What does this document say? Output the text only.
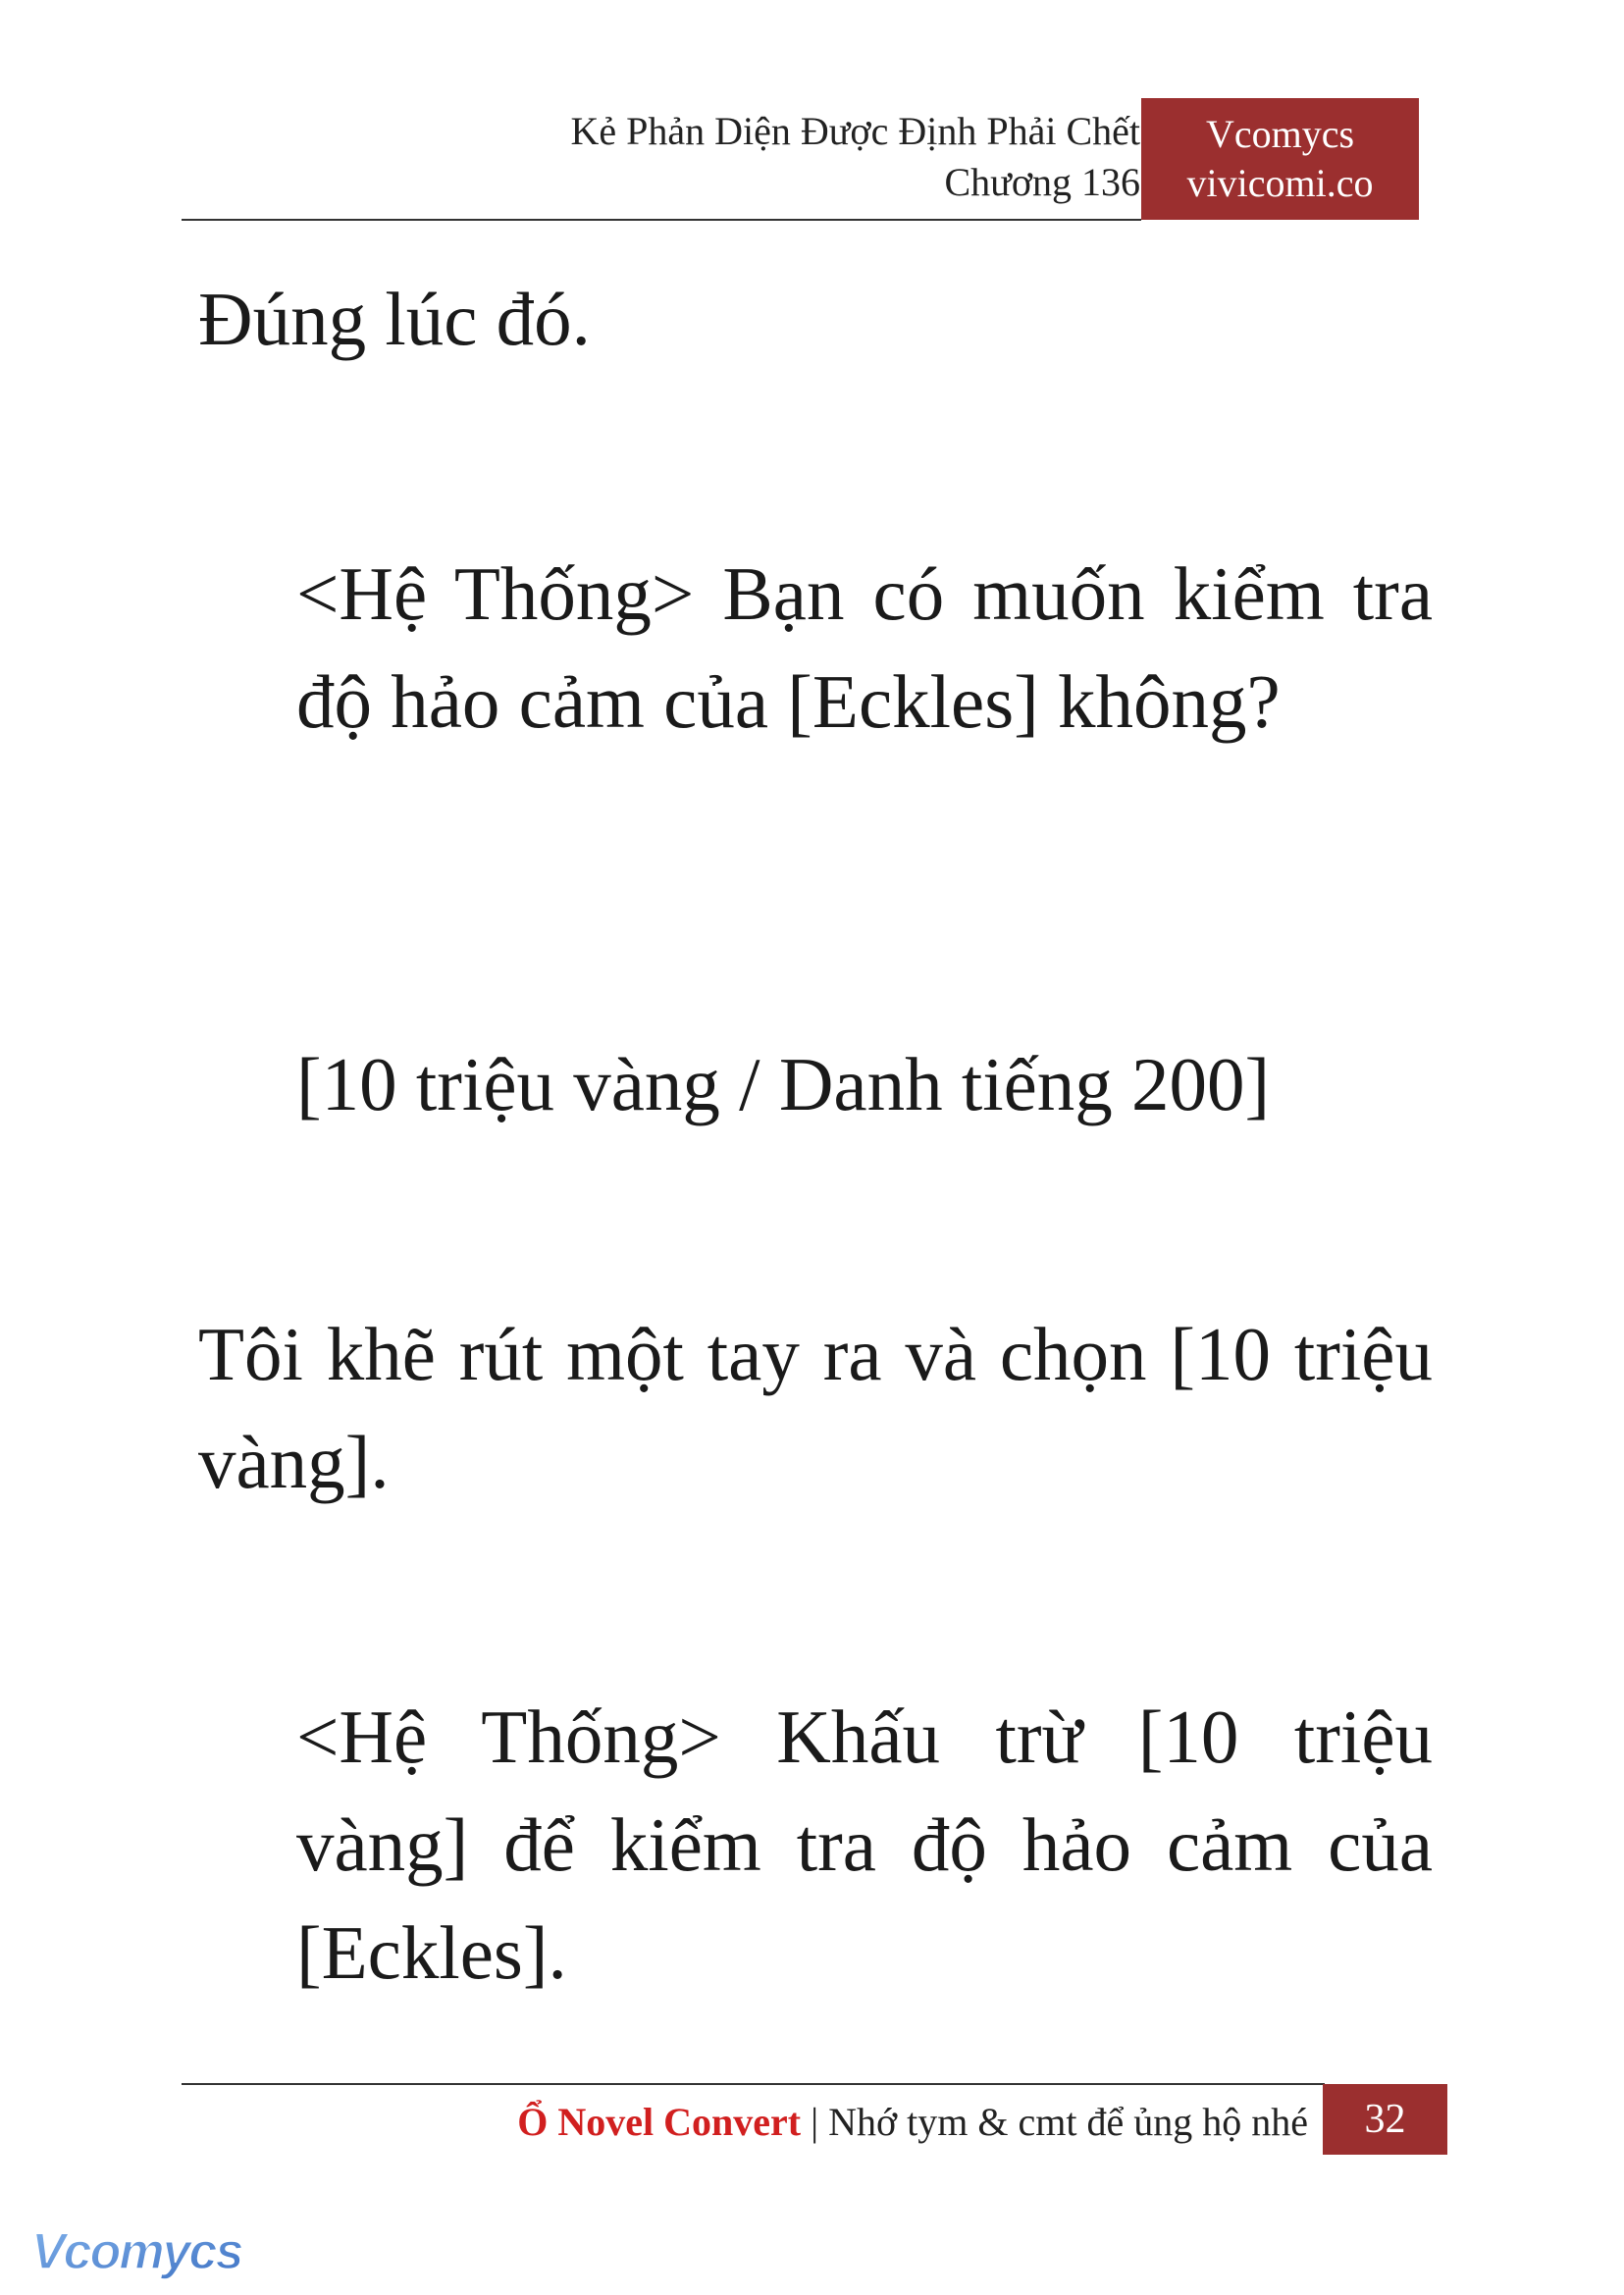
Kẻ Phản Diện Được Định Phải Chết
Chương 136
Vcomycs
vivicomi.co

Đúng lúc đó.

<Hệ Thống> Bạn có muốn kiểm tra độ hảo cảm của [Eckles] không?

[10 triệu vàng / Danh tiếng 200]

Tôi khẽ rút một tay ra và chọn [10 triệu vàng].

<Hệ Thống> Khấu trừ [10 triệu vàng] để kiểm tra độ hảo cảm của [Eckles].

Ổ Novel Convert | Nhớ tym & cmt để ủng hộ nhé	32
Vcomycs
